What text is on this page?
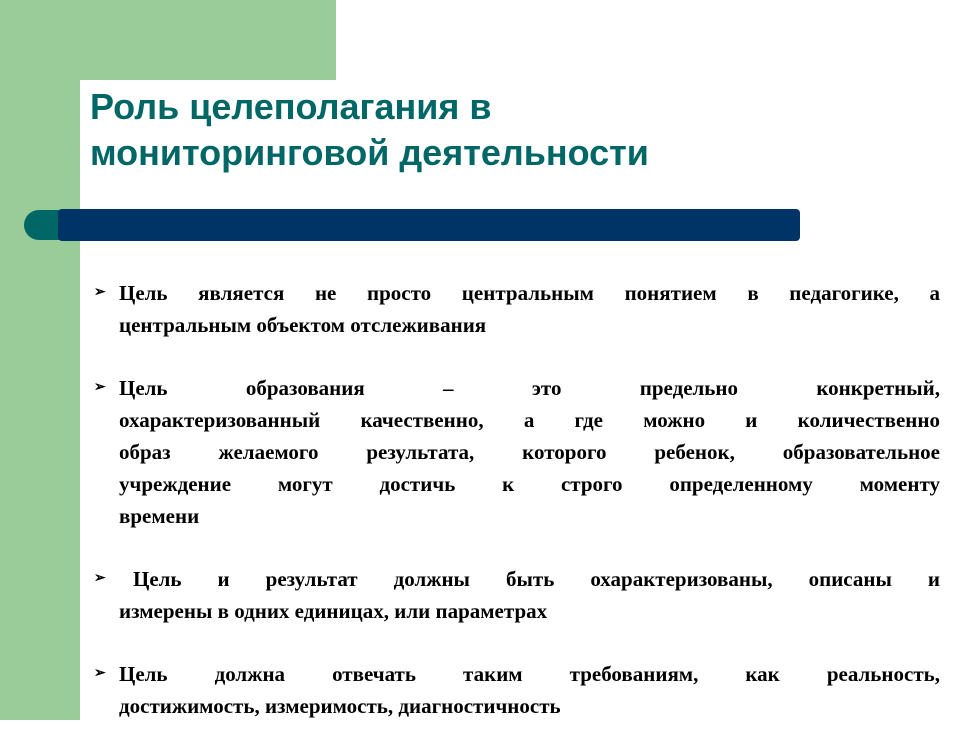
Роль целеполагания в
мониторинговой деятельности
➢ Цель является не просто центральным понятием в педагогике, а
центральным объектом отслеживания
➢ Цель образования – это предельно конкретный,
охарактеризованный качественно, а где можно и количественно
образ желаемого результата, которого ребенок, образовательное
учреждение могут достичь к строго определенному моменту
времени
➢	Цель и результат должны быть охарактеризованы, описаны и
измерены в одних единицах, или параметрах
➢ Цель должна отвечать таким требованиям, как реальность,
достижимость, измеримость, диагностичность
